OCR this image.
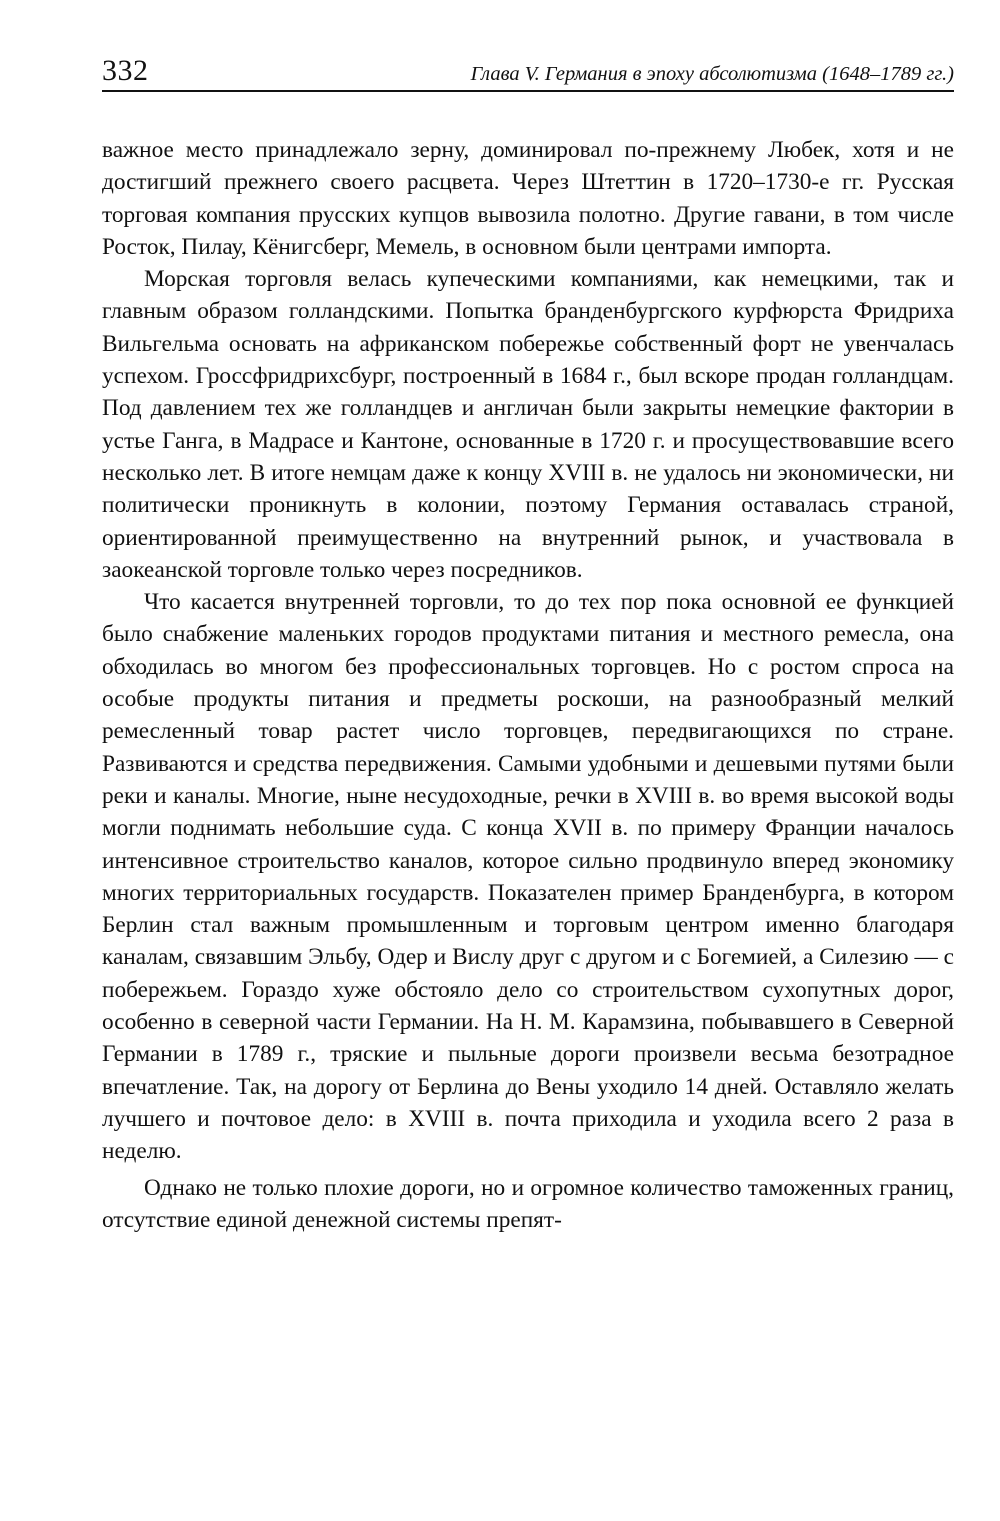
332	Глава V. Германия в эпоху абсолютизма (1648–1789 гг.)

важное место принадлежало зерну, доминировал по-прежнему Любек, хотя и не достигший прежнего своего расцвета. Через Штеттин в 1720–1730-е гг. Русская торговая компания прусских купцов вывозила полотно. Другие гавани, в том числе Росток, Пилау, Кёнигсберг, Мемель, в основном были центрами импорта.

Морская торговля велась купеческими компаниями, как немецкими, так и главным образом голландскими. Попытка бранденбургского курфюрста Фридриха Вильгельма основать на африканском побережье собственный форт не увенчалась успехом. Гроссфридрихсбург, построенный в 1684 г., был вскоре продан голландцам. Под давлением тех же голландцев и англичан были закрыты немецкие фактории в устье Ганга, в Мадрасе и Кантоне, основанные в 1720 г. и просуществовавшие всего несколько лет. В итоге немцам даже к концу XVIII в. не удалось ни экономически, ни политически проникнуть в колонии, поэтому Германия оставалась страной, ориентированной преимущественно на внутренний рынок, и участвовала в заокеанской торговле только через посредников.

Что касается внутренней торговли, то до тех пор пока основной ее функцией было снабжение маленьких городов продуктами питания и местного ремесла, она обходилась во многом без профессиональных торговцев. Но с ростом спроса на особые продукты питания и предметы роскоши, на разнообразный мелкий ремесленный товар растет число торговцев, передвигающихся по стране. Развиваются и средства передвижения. Самыми удобными и дешевыми путями были реки и каналы. Многие, ныне несудоходные, речки в XVIII в. во время высокой воды могли поднимать небольшие суда. С конца XVII в. по примеру Франции началось интенсивное строительство каналов, которое сильно продвинуло вперед экономику многих территориальных государств. Показателен пример Бранденбурга, в котором Берлин стал важным промышленным и торговым центром именно благодаря каналам, связавшим Эльбу, Одер и Вислу друг с другом и с Богемией, а Силезию — с побережьем. Гораздо хуже обстояло дело со строительством сухопутных дорог, особенно в северной части Германии. На Н. М. Карамзина, побывавшего в Северной Германии в 1789 г., тряские и пыльные дороги произвели весьма безотрадное впечатление. Так, на дорогу от Берлина до Вены уходило 14 дней. Оставляло желать лучшего и почтовое дело: в XVIII в. почта приходила и уходила всего 2 раза в неделю.

Однако не только плохие дороги, но и огромное количество таможенных границ, отсутствие единой денежной системы препят-
